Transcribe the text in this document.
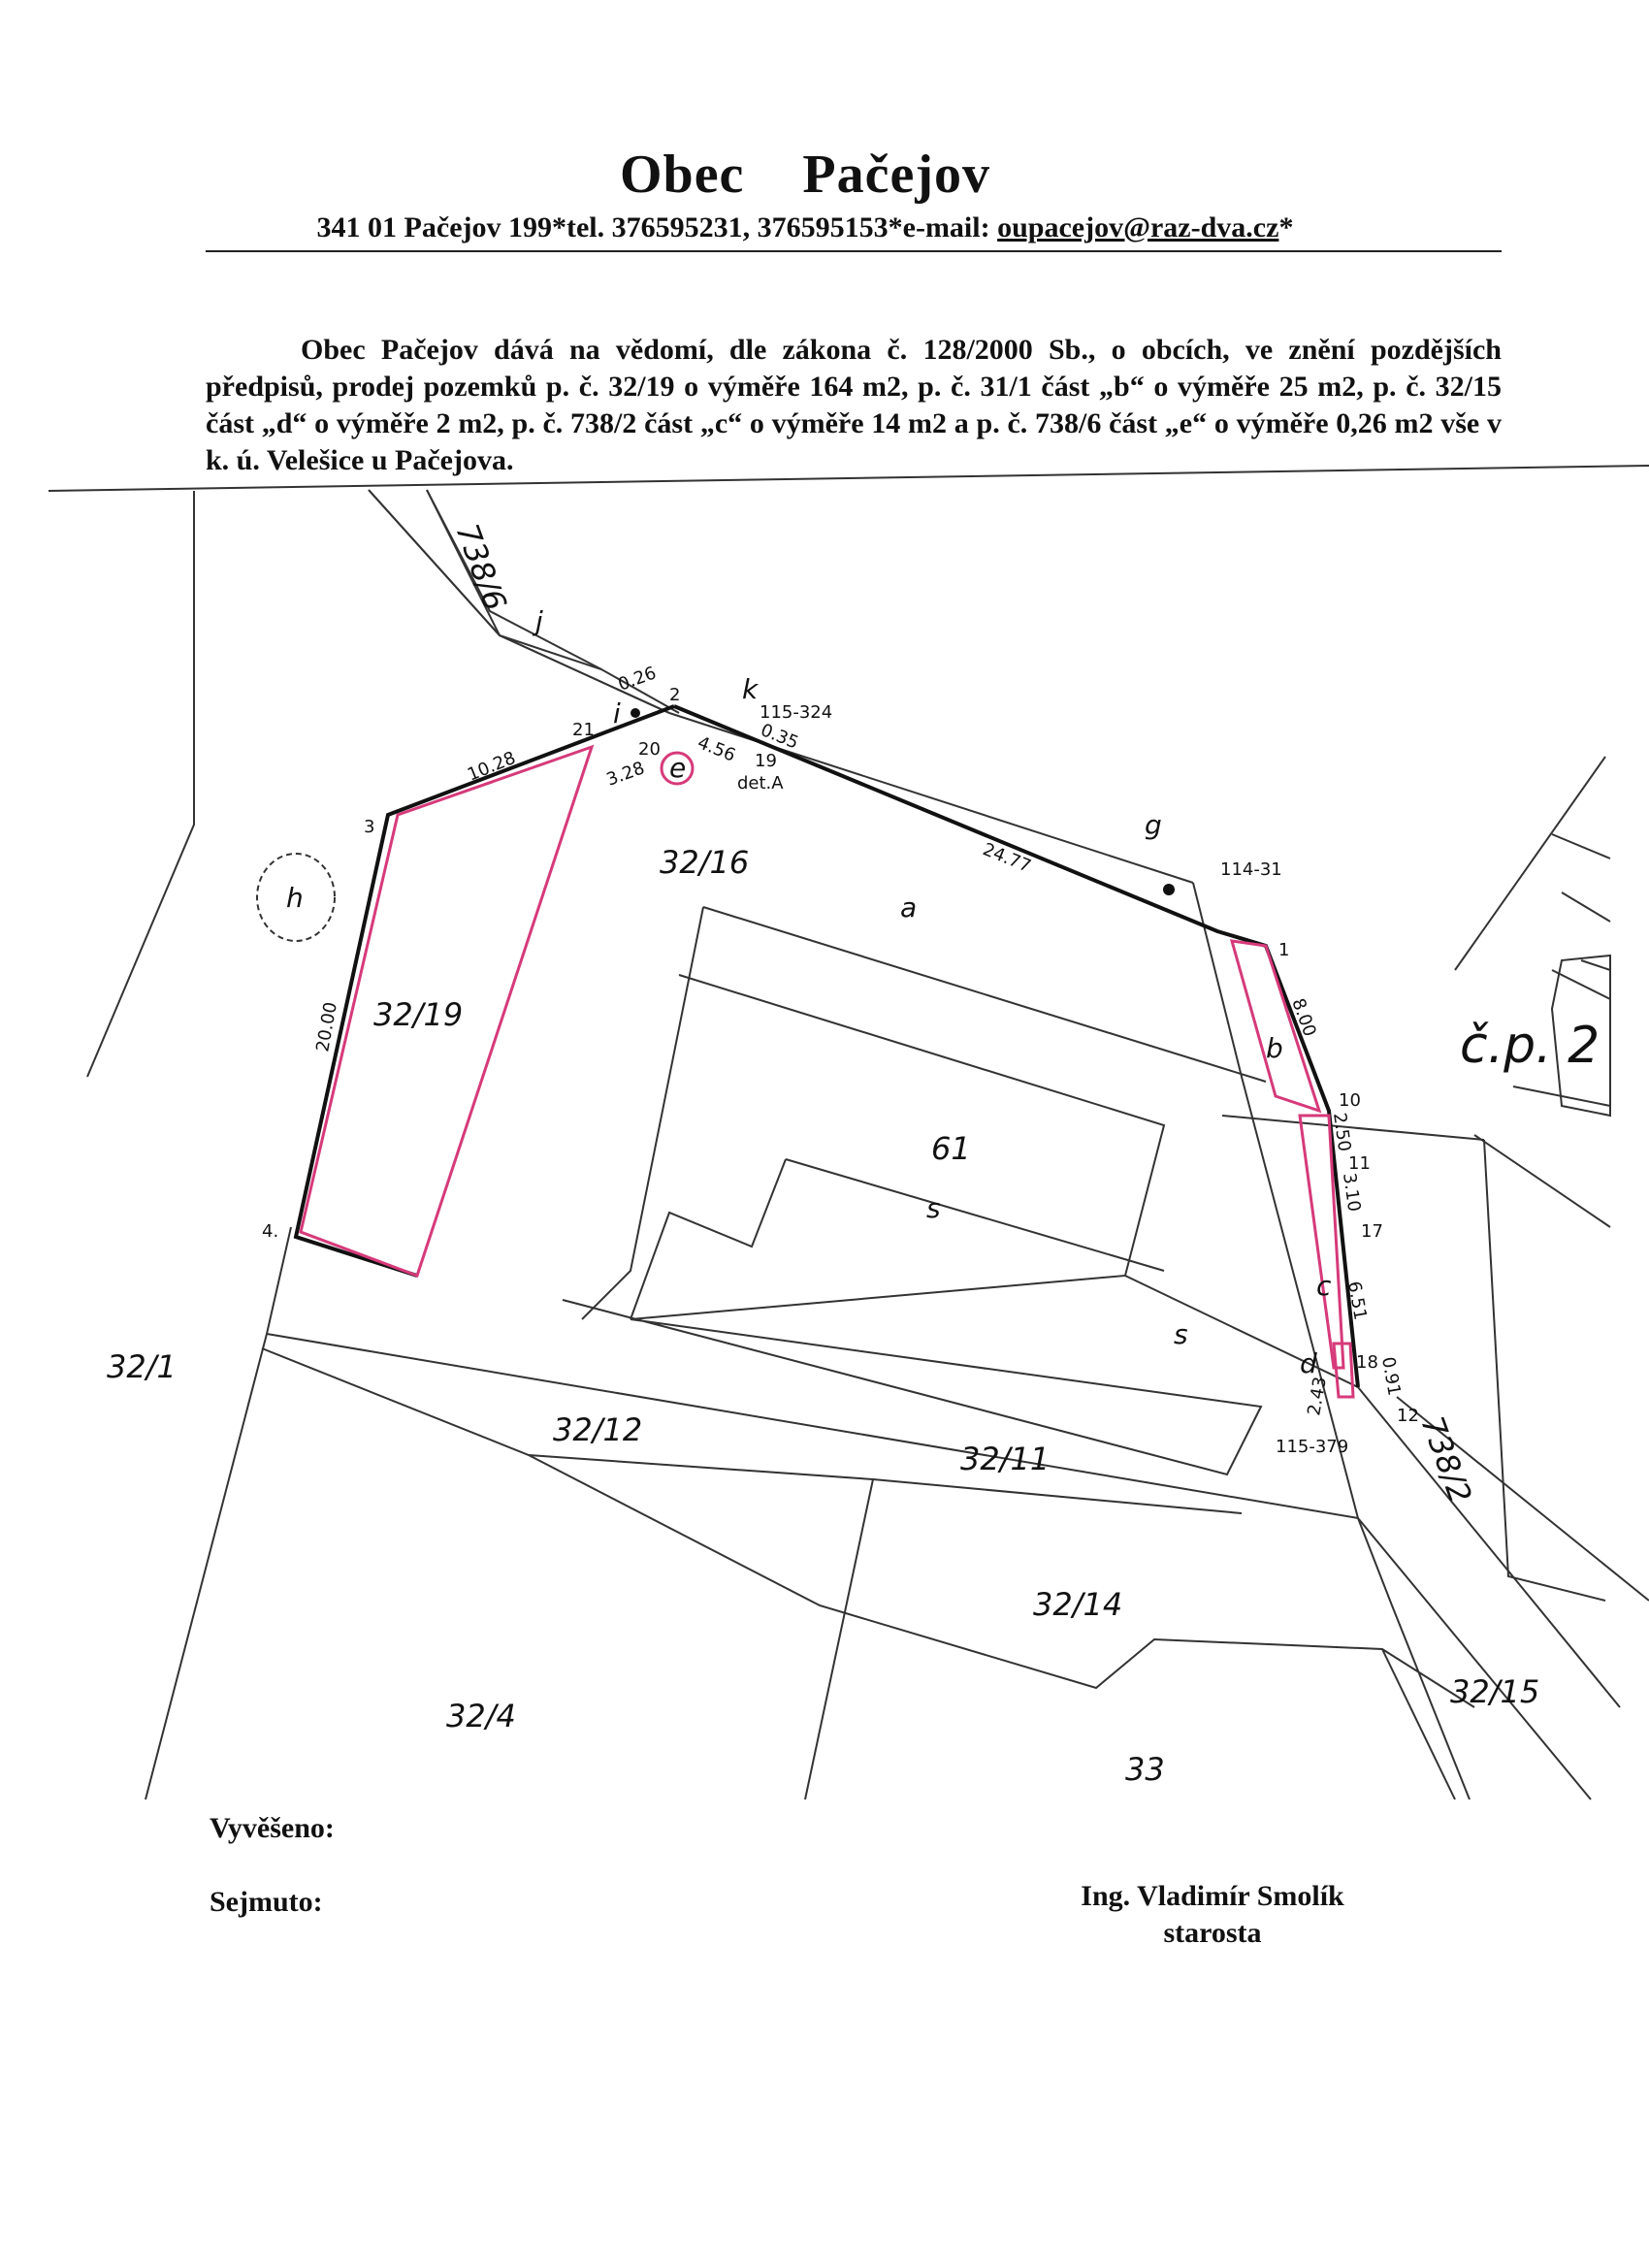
Obec Pačejov
341 01 Pačejov 199*tel. 376595231, 376595153*e-mail: oupacejov@raz-dva.cz*
Obec Pačejov dává na vědomí, dle zákona č. 128/2000 Sb., o obcích, ve znění pozdějších předpisů, prodej pozemků p. č. 32/19 o výměře 164 m2, p. č. 31/1 část „b“ o výměře 25 m2, p. č. 32/15 část „d“ o výměře 2 m2, p. č. 738/2 část „c“ o výměře 14 m2 a p. č. 738/6 část „e“ o výměře 0,26 m2 vše v k. ú. Velešice u Pačejova.
738/6
32/16
32/19
61
32/1
32/12
32/11
32/14
32/4
33
32/15
738/2
č.p. 2
a
b
c
d
e
g
h
i
j
k
s
s
1
2
3
4.
10
11
12
17
18
19
20
21
10.28
20.00
0.26
3.28
4.56 0.35
24.77
8.00
2.50
3.10
6.51
0.91
2.43
115-324
114-31
115-379
det.A
Vyvěšeno:
Sejmuto:	Ing. Vladimír Smolík
starosta
